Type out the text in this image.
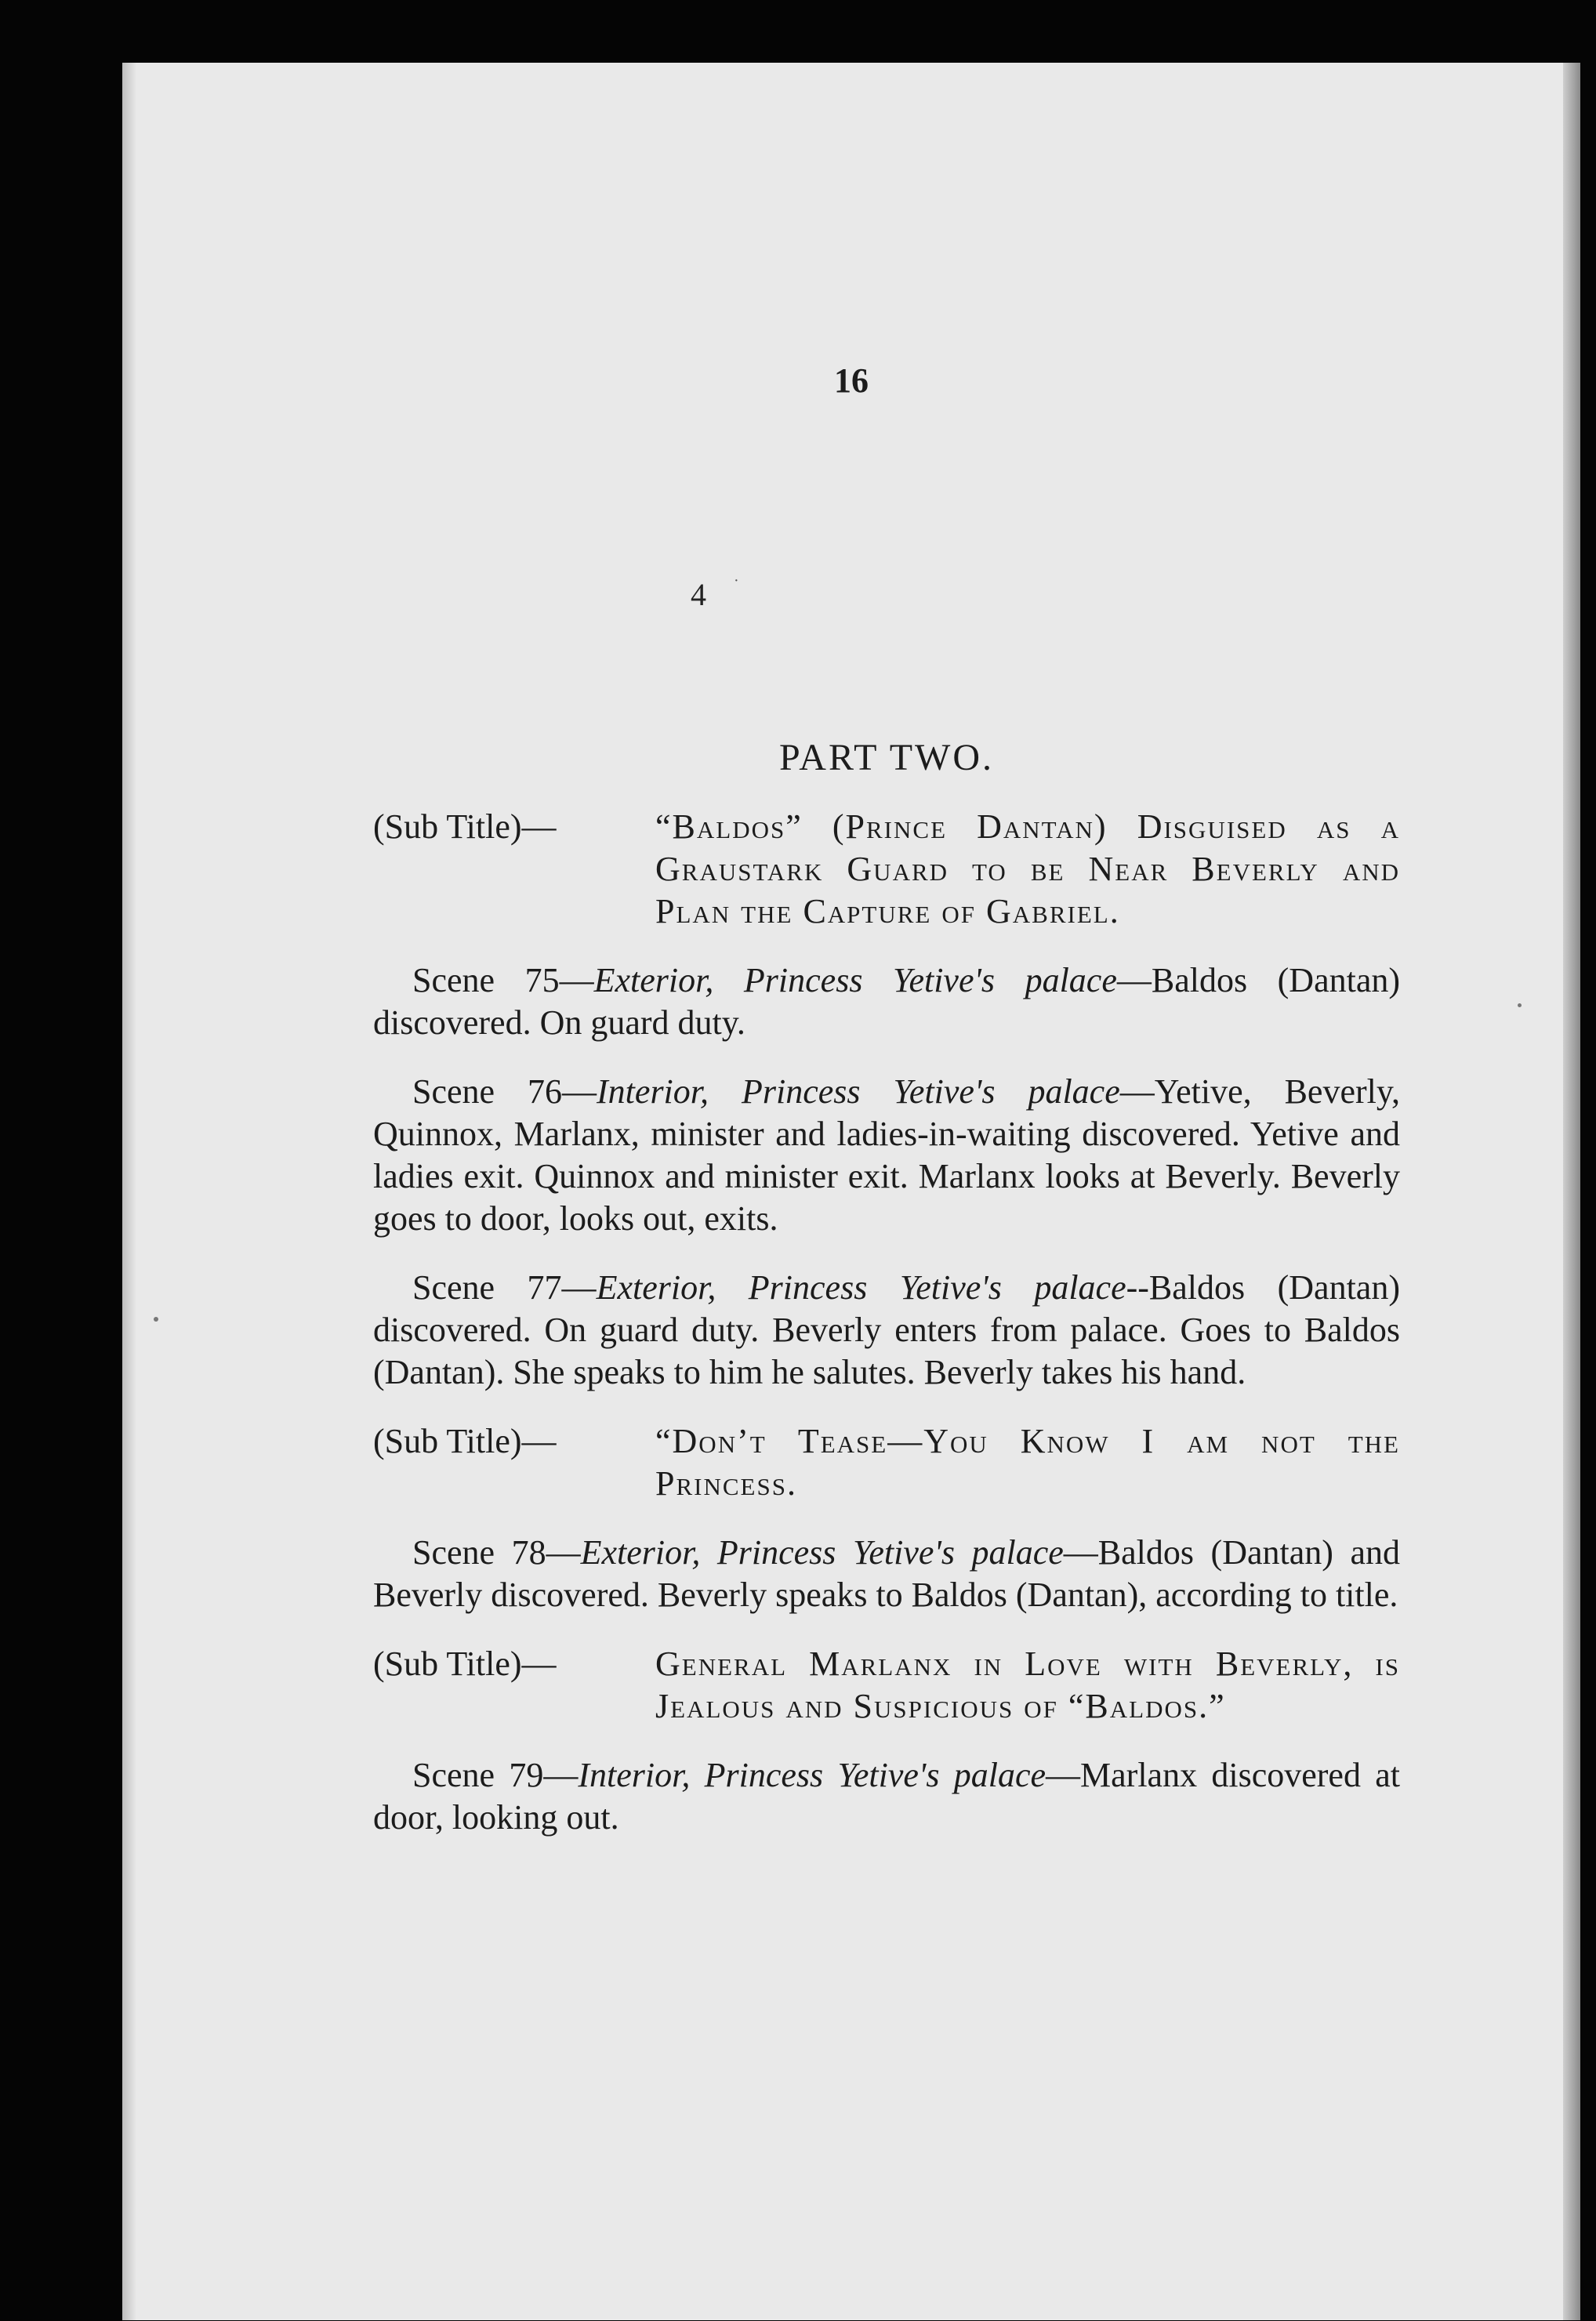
16
4 ·
PART TWO.
(Sub Title)—	“Baldos” (Prince Dantan) Disguised as a Graustark Guard to be Near Beverly and Plan the Capture of Gabriel.

Scene 75—Exterior, Princess Yetive's palace—Baldos (Dantan) discovered. On guard duty.

Scene 76—Interior, Princess Yetive's palace—Yetive, Beverly, Quinnox, Marlanx, minister and ladies-in-waiting discovered. Yetive and ladies exit. Quinnox and minister exit. Marlanx looks at Beverly. Beverly goes to door, looks out, exits.

Scene 77—Exterior, Princess Yetive's palace--Baldos (Dantan) discovered. On guard duty. Beverly enters from palace. Goes to Baldos (Dantan). She speaks to him he salutes. Beverly takes his hand.

(Sub Title)—	“Don’t Tease—You Know I am not the Princess.

Scene 78—Exterior, Princess Yetive's palace—Baldos (Dantan) and Beverly discovered. Beverly speaks to Baldos (Dantan), according to title.

(Sub Title)—	General Marlanx in Love with Beverly, is Jealous and Suspicious of “Baldos.”

Scene 79—Interior, Princess Yetive's palace—Marlanx discovered at door, looking out.
